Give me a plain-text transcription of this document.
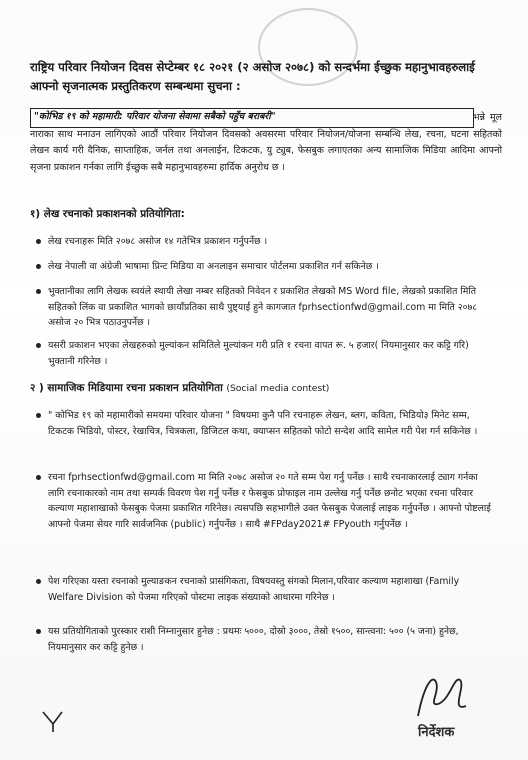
राष्ट्रिय परिवार नियोजन दिवस सेप्टेम्बर १८ २०२१ (२ असोज २०७८) को सन्दर्भमा ईच्छुक महानुभावहरुलाई आफ्नो सृजनात्मक प्रस्तुतिकरण सम्बन्धमा सुचना :
"कोभिड १९ को महामारी: परिवार योजना सेवामा सबैको पहुँच बराबरी"	भन्ने मूल नाराका साथ मनाउन लागिएको आठौं परिवार नियोजन दिवसको अवसरमा परिवार नियोजन/योजना सम्बन्धि लेख, रचना, घटना सहितको लेखन कार्य गरी दैनिक, साप्ताहिक, जर्नल तथा अनलाईन, टिकटक, यु ट्युब, फेसबुक लगाएतका अन्य सामाजिक मिडिया आदिमा आफ्नो सृजना प्रकाशन गर्नका लागि ईच्छुक सबै महानुभावहरुमा हार्दिक अनुरोध छ ।
१) लेख रचनाको प्रकाशनको प्रतियोगिता:
लेख रचनाहरू मिति २०७८ असोज १४ गतेभित्र प्रकाशन गर्नुपर्नेछ ।
लेख नेपाली वा अंग्रेजी भाषामा प्रिन्ट मिडिया वा अनलाइन समाचार पोर्टलमा प्रकाशित गर्न सकिनेछ ।
भुक्तानीका लागि लेखक स्वयंले स्थायी लेखा नम्बर सहितको निवेदन र प्रकाशित लेखको MS Word file, लेखको प्रकाशित मिति सहितको लिंक वा प्रकाशित भागको छायाँप्रतिका साथै पुष्ट्याई हुने कागजात fprhsectionfwd@gmail.com मा मिति २०७८ असोज २० भित्र पठाउनुपर्नेछ ।
यसरी प्रकाशन भएका लेखहरुको मुल्यांकन समितिले मुल्यांकन गरी प्रति १ रचना वापत रू. ५ हजार( नियमानुसार कर कट्टि गरि) भुक्तानी गरिनेछ ।
२ ) सामाजिक मिडियामा रचना प्रकाशन प्रतियोगिता (Social media contest)
" कोभिड १९ को महामारीको समयमा परिवार योजना " विषयमा कुनै पनि रचनाहरू लेखन, ब्लग, कविता, भिडियो३ मिनेट सम्म, टिकटक भिडियो, पोस्टर, रेखाचित्र, चित्रकला, डिजिटल कथा, क्याप्सन सहितको फोटो सन्देश आदि सामेल गरी पेश गर्न सकिनेछ ।
रचना fprhsectionfwd@gmail.com मा मिति २०७८ असोज २० गते सम्म पेश गर्नु पर्नेछ । साथै रचनाकारलाई ट्याग गर्नका लागि रचनाकारको नाम तथा सम्पर्क विवरण पेश गर्नु पर्नेछ र फेसबुक प्रोफाइल नाम उल्लेख गर्नु पर्नेछ छनोट भएका रचना परिवार कल्याण महाशाखाको फेसबुक पेजमा प्रकाशित गरिनेछ। त्यसपछि सहभागीले उक्त फेसबुक पेजलाई लाइक गर्नुपर्नेछ । आफ्नो पोष्टलाई आफ्नो पेजमा सेयर गारि सार्वजनिक (public) गर्नुपर्नेछ । साथै #FPday2021# FPyouth गर्नुपर्नेछ ।
पेश गरिएका यस्ता रचनाको मुल्याङकन रचनाको प्रासंगिकता, विषयवस्तु संगको मिलान,परिवार कल्याण महाशाखा (Family Welfare Division को पेजमा गरिएको पोस्टमा लाइक संख्याको आधारमा गरिनेछ ।
यस प्रतियोगिताको पुरस्कार राशी निम्नानुसार हुनेछ : प्रथमः ५०००, दोस्रो ३०००, तेस्रो १५००, सान्त्वना: ५०० (५ जना) हुनेछ, नियमानुसार कर कट्टि हुनेछ ।
निर्देशक
